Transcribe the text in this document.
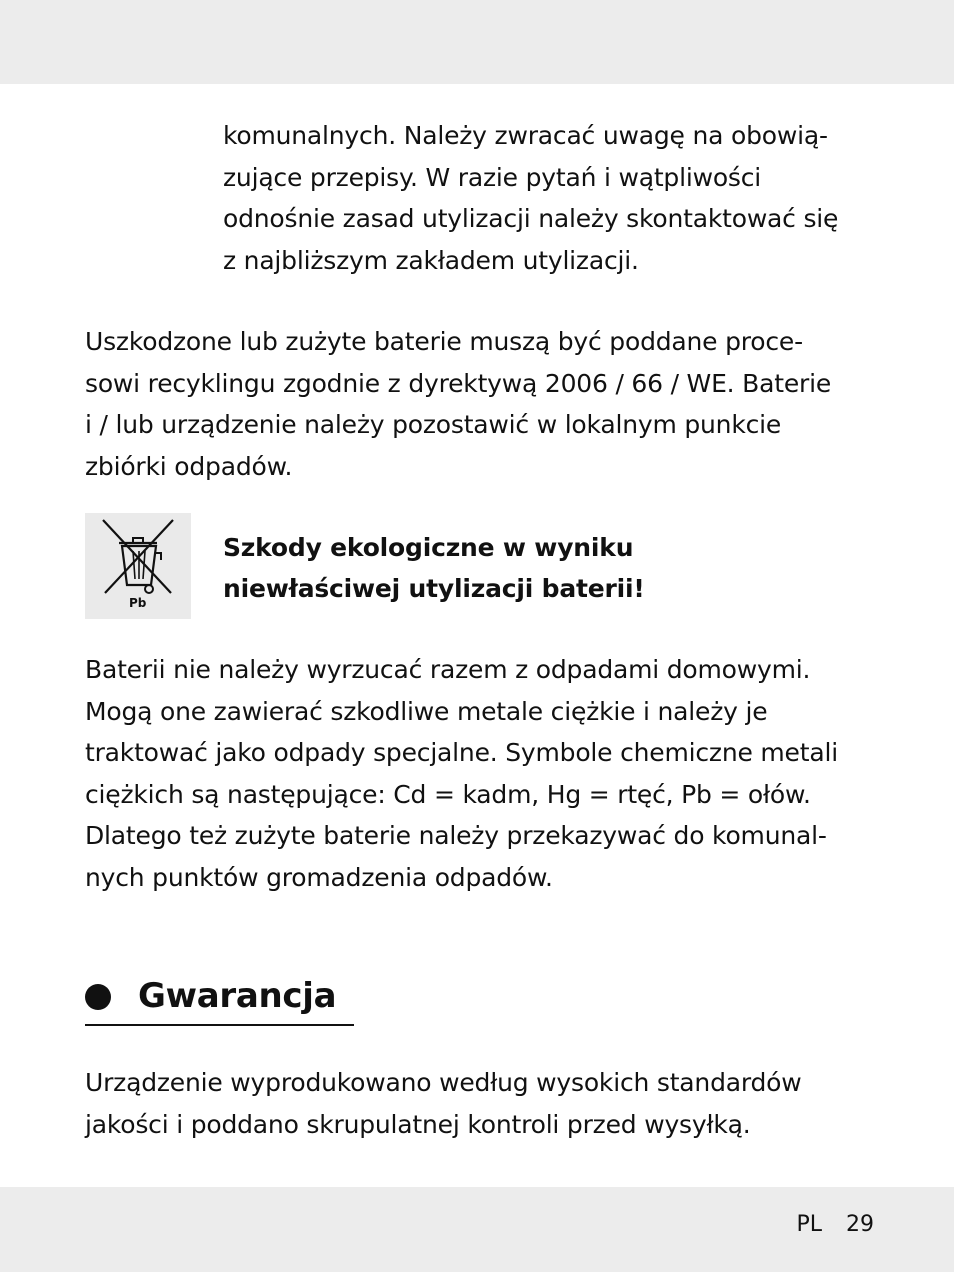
komunalnych. Należy zwracać uwagę na obowią-
zujące przepisy. W razie pytań i wątpliwości
odnośnie zasad utylizacji należy skontaktować się
z najbliższym zakładem utylizacji.

Uszkodzone lub zużyte baterie muszą być poddane proce-
sowi recyklingu zgodnie z dyrektywą 2006 / 66 / WE. Baterie
i / lub urządzenie należy pozostawić w lokalnym punkcie
zbiórki odpadów.

Pb

Szkody ekologiczne w wyniku
niewłaściwej utylizacji baterii!

Baterii nie należy wyrzucać razem z odpadami domowymi.
Mogą one zawierać szkodliwe metale ciężkie i należy je
traktować jako odpady specjalne. Symbole chemiczne metali
ciężkich są następujące: Cd = kadm, Hg = rtęć, Pb = ołów.
Dlatego też zużyte baterie należy przekazywać do komunal-
nych punktów gromadzenia odpadów.

Gwarancja

Urządzenie wyprodukowano według wysokich standardów
jakości i poddano skrupulatnej kontroli przed wysyłką.

PL 29
